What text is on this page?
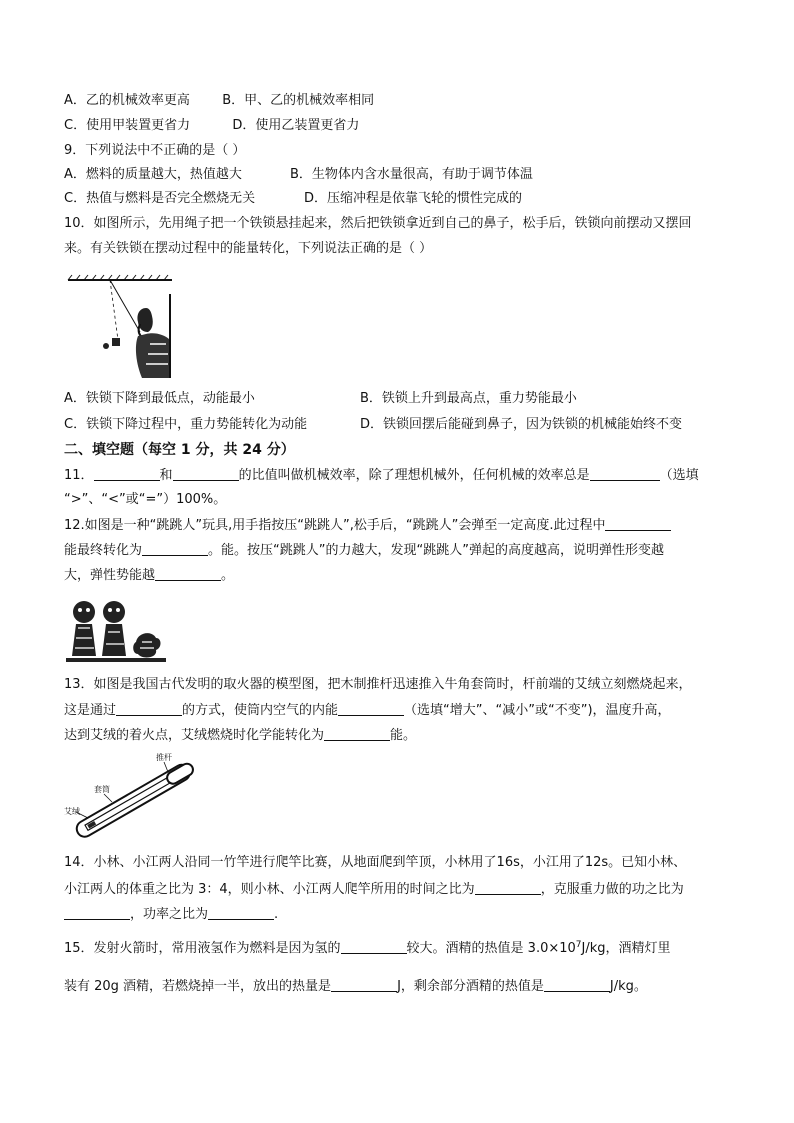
A．乙的机械效率更高 B．甲、乙的机械效率相同
C．使用甲装置更省力	D．使用乙装置更省力
9．下列说法中不正确的是（ ）
A．燃料的质量越大，热值越大	B．生物体内含水量很高，有助于调节体温
C．热值与燃料是否完全燃烧无关	D．压缩冲程是依靠飞轮的惯性完成的
10．如图所示，先用绳子把一个铁锁悬挂起来，然后把铁锁拿近到自己的鼻子，松手后，铁锁向前摆动又摆回
来。有关铁锁在摆动过程中的能量转化，下列说法正确的是（ ）
A．铁锁下降到最低点，动能最小	B．铁锁上升到最高点，重力势能最小
C．铁锁下降过程中，重力势能转化为动能	D．铁锁回摆后能碰到鼻子，因为铁锁的机械能始终不变
二、填空题（每空 1 分，共 24 分）
11．	和	的比值叫做机械效率，除了理想机械外，任何机械的效率总是	（选填
“>”、“<”或“=”）100%。
12.如图是一种“跳跳人”玩具,用手指按压“跳跳人”,松手后，“跳跳人”会弹至一定高度.此过程中
能最终转化为	。能。按压“跳跳人”的力越大，发现“跳跳人”弹起的高度越高，说明弹性形变越
大，弹性势能越	。
13．如图是我国古代发明的取火器的模型图，把木制推杆迅速推入牛角套筒时，杆前端的艾绒立刻燃烧起来，
这是通过	的方式，使筒内空气的内能	（选填“增大”、“减小”或“不变”)，温度升高，
达到艾绒的着火点，艾绒燃烧时化学能转化为	能。
艾绒
套筒
推杆
14．小林、小江两人沿同一竹竿进行爬竿比赛，从地面爬到竿顶，小林用了16s，小江用了12s。已知小林、
小江两人的体重之比为 3：4，则小林、小江两人爬竿所用的时间之比为	，克服重力做的功之比为
，功率之比为	.
15．发射火箭时，常用液氢作为燃料是因为氢的	较大。酒精的热值是 $3.0\times 10^7J/kg$，酒精灯里
装有 20g 酒精，若燃烧掉一半，放出的热量是	J，剩余部分酒精的热值是	J/kg。
